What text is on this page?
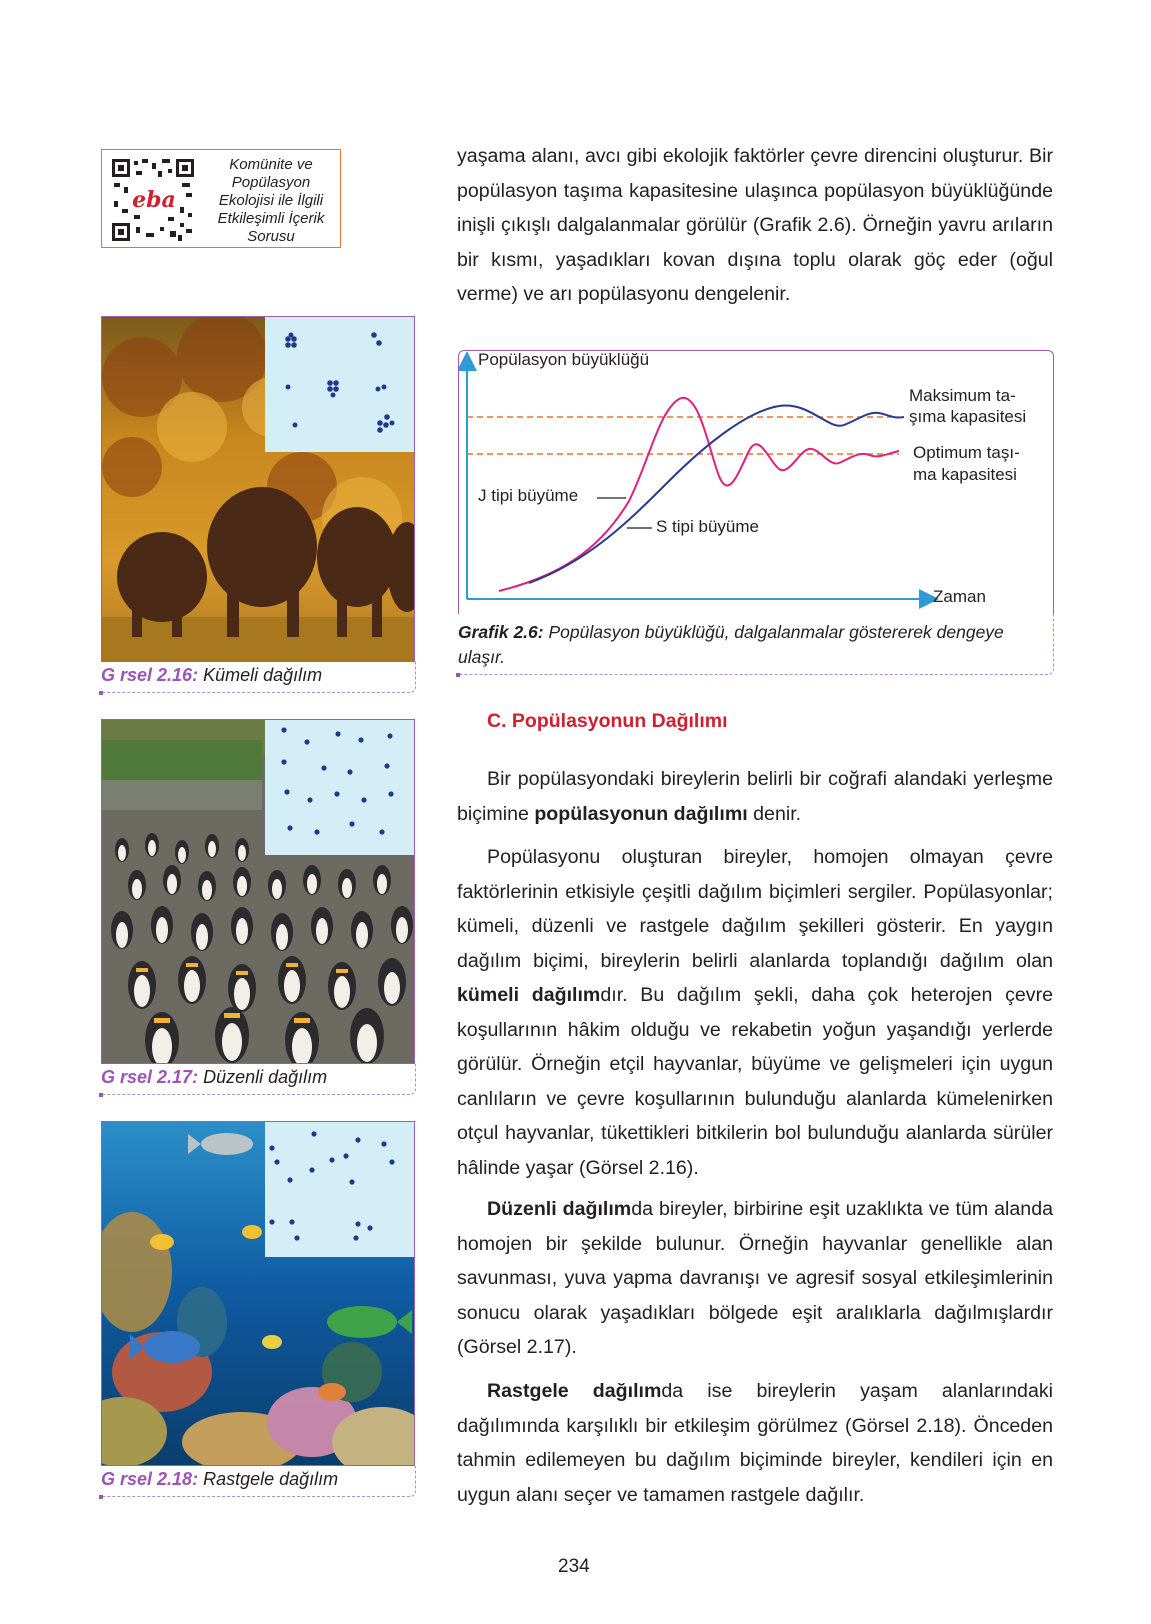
eba
Komünite ve
Popülasyon
Ekolojisi ile İlgili
Etkileşimli İçerik
Sorusu

yaşama alanı, avcı gibi ekolojik faktörler çevre direncini oluşturur. Bir popülasyon taşıma kapasitesine ulaşınca popülasyon büyüklüğünde inişli çıkışlı dalgalanmalar görülür (Grafik 2.6). Örneğin yavru arıların bir kısmı, yaşadıkları kovan dışına toplu olarak göç eder (oğul verme) ve arı popülasyonu dengelenir.

Popülasyon büyüklüğü
Zaman
J tipi büyüme
S tipi büyüme
Maksimum ta-
şıma kapasitesi
Optimum taşı-
ma kapasitesi
Grafik 2.6: Popülasyon büyüklüğü, dalgalanmalar göstererek dengeye ulaşır.
C. Popülasyonun Dağılımı

Bir popülasyondaki bireylerin belirli bir coğrafi alandaki yerleşme biçimine popülasyonun dağılımı denir.

Popülasyonu oluşturan bireyler, homojen olmayan çevre faktörlerinin etkisiyle çeşitli dağılım biçimleri sergiler. Popülasyonlar; kümeli, düzenli ve rastgele dağılım şekilleri gösterir. En yaygın dağılım biçimi, bireylerin belirli alanlarda toplandığı dağılım olan kümeli dağılımdır. Bu dağılım şekli, daha çok heterojen çevre koşullarının hâkim olduğu ve rekabetin yoğun yaşandığı yerlerde görülür. Örneğin etçil hayvanlar, büyüme ve gelişmeleri için uygun canlıların ve çevre koşullarının bulunduğu alanlarda kümelenirken otçul hayvanlar, tükettikleri bitkilerin bol bulunduğu alanlarda sürüler hâlinde yaşar (Görsel 2.16).

Düzenli dağılımda bireyler, birbirine eşit uzaklıkta ve tüm alanda homojen bir şekilde bulunur. Örneğin hayvanlar genellikle alan savunması, yuva yapma davranışı ve agresif sosyal etkileşimlerinin sonucu olarak yaşadıkları bölgede eşit aralıklarla dağılmışlardır (Görsel 2.17).

Rastgele dağılımda ise bireylerin yaşam alanlarındaki dağılımında karşılıklı bir etkileşim görülmez (Görsel 2.18). Önceden tahmin edilemeyen bu dağılım biçiminde bireyler, kendileri için en uygun alanı seçer ve tamamen rastgele dağılır.

G rsel 2.16: Kümeli dağılım
G rsel 2.17: Düzenli dağılım
G rsel 2.18: Rastgele dağılım
234
